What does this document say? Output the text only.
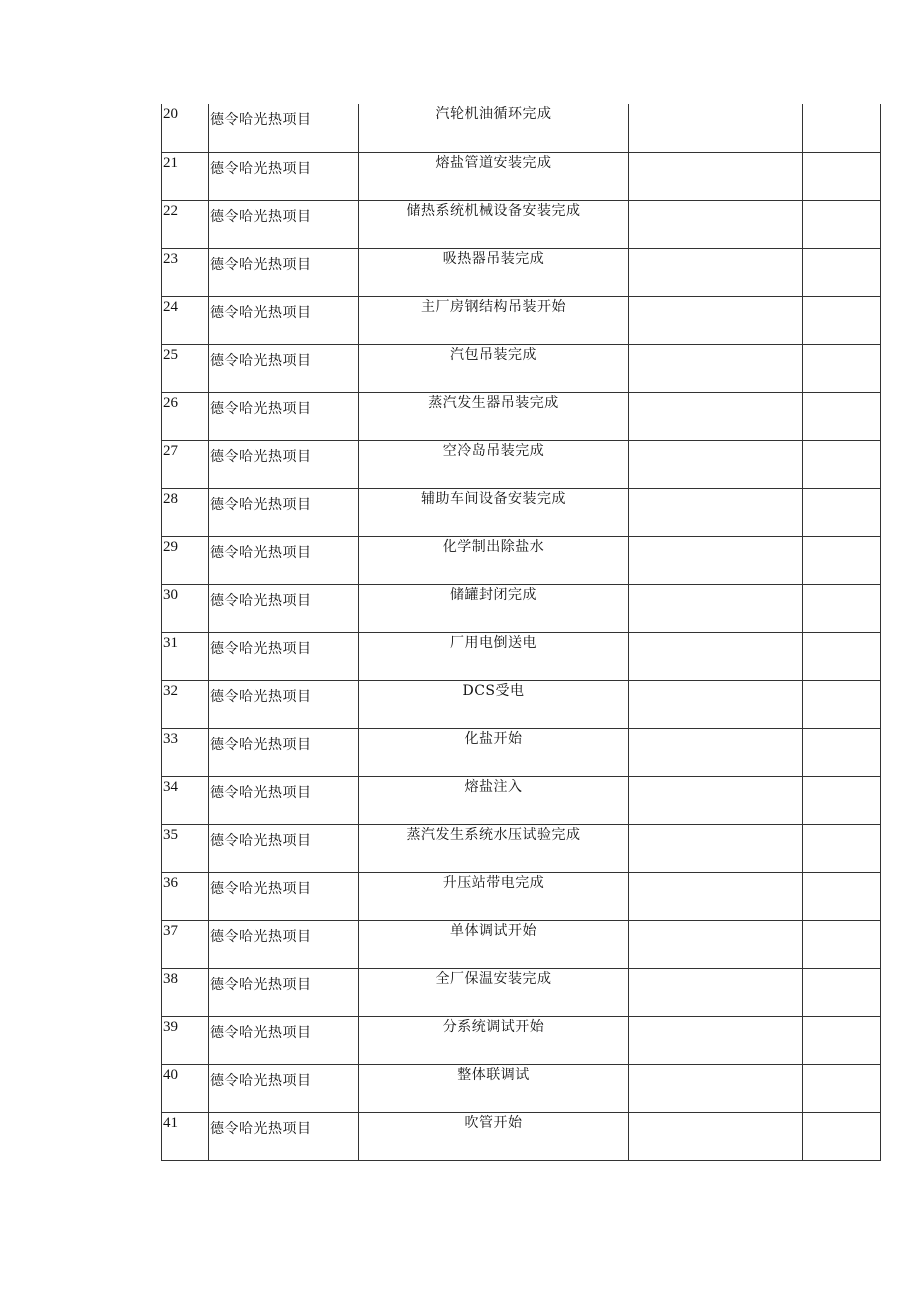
20	德令哈光热项目	汽轮机油循环完成		
21	德令哈光热项目	熔盐管道安装完成		
22	德令哈光热项目	储热系统机械设备安装完成		
23	德令哈光热项目	吸热器吊装完成		
24	德令哈光热项目	主厂房钢结构吊装开始		
25	德令哈光热项目	汽包吊装完成		
26	德令哈光热项目	蒸汽发生器吊装完成		
27	德令哈光热项目	空冷岛吊装完成		
28	德令哈光热项目	辅助车间设备安装完成		
29	德令哈光热项目	化学制出除盐水		
30	德令哈光热项目	储罐封闭完成		
31	德令哈光热项目	厂用电倒送电		
32	德令哈光热项目	DCS受电		
33	德令哈光热项目	化盐开始		
34	德令哈光热项目	熔盐注入		
35	德令哈光热项目	蒸汽发生系统水压试验完成		
36	德令哈光热项目	升压站带电完成		
37	德令哈光热项目	单体调试开始		
38	德令哈光热项目	全厂保温安装完成		
39	德令哈光热项目	分系统调试开始		
40	德令哈光热项目	整体联调试		
41	德令哈光热项目	吹管开始		
